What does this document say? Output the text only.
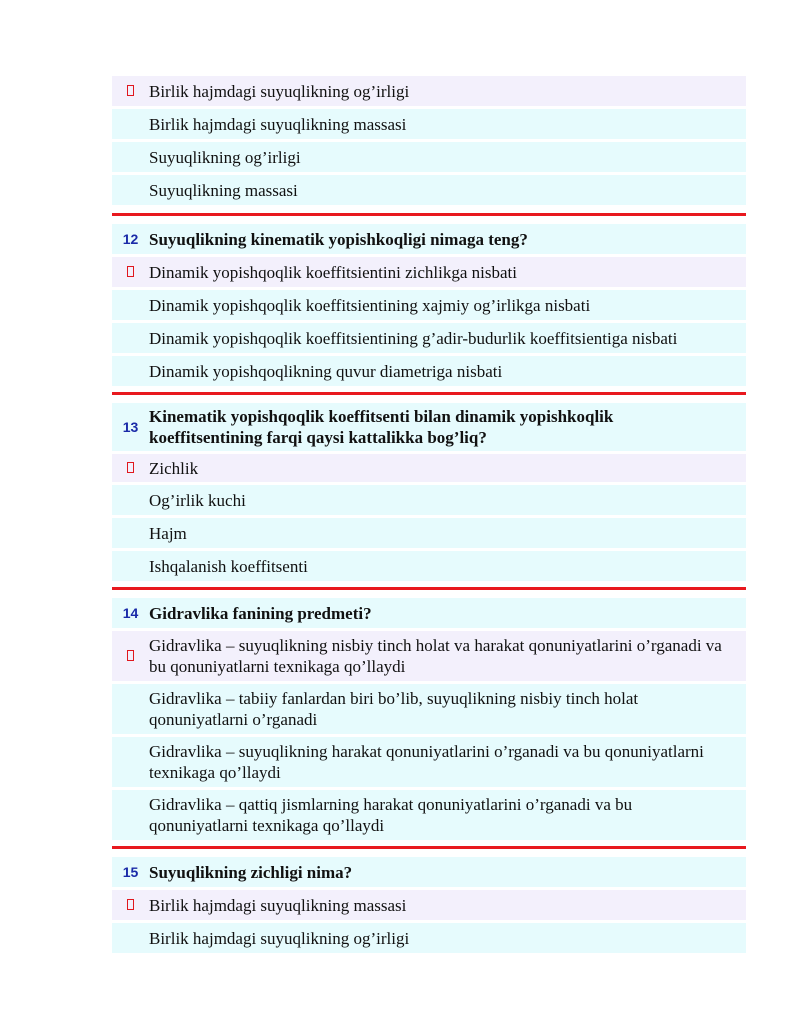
Birlik hajmdagi suyuqlikning og’irligi
Birlik hajmdagi suyuqlikning massasi
Suyuqlikning og’irligi
Suyuqlikning massasi
12 Suyuqlikning kinematik yopishkoqligi nimaga teng?
Dinamik yopishqoqlik koeffitsientini zichlikga nisbati
Dinamik yopishqoqlik koeffitsientining xajmiy og’irlikga nisbati
Dinamik yopishqoqlik koeffitsientining g’adir-budurlik koeffitsientiga nisbati
Dinamik yopishqoqlikning quvur diametriga nisbati
13
Kinematik yopishqoqlik koeffitsenti bilan dinamik yopishkoqlik koeffitsentining farqi qaysi kattalikka bog’liq?
Zichlik
Og’irlik kuchi
Hajm
Ishqalanish koeffitsenti
14 Gidravlika fanining predmeti?
Gidravlika – suyuqlikning nisbiy tinch holat va harakat qonuniyatlarini o’rganadi va bu qonuniyatlarni texnikaga qo’llaydi
Gidravlika – tabiiy fanlardan biri bo’lib, suyuqlikning nisbiy tinch holat qonuniyatlarni o’rganadi
Gidravlika – suyuqlikning harakat qonuniyatlarini o’rganadi va bu qonuniyatlarni texnikaga qo’llaydi
Gidravlika – qattiq jismlarning harakat qonuniyatlarini o’rganadi va bu qonuniyatlarni texnikaga qo’llaydi
15 Suyuqlikning zichligi nima?
Birlik hajmdagi suyuqlikning massasi
Birlik hajmdagi suyuqlikning og’irligi
